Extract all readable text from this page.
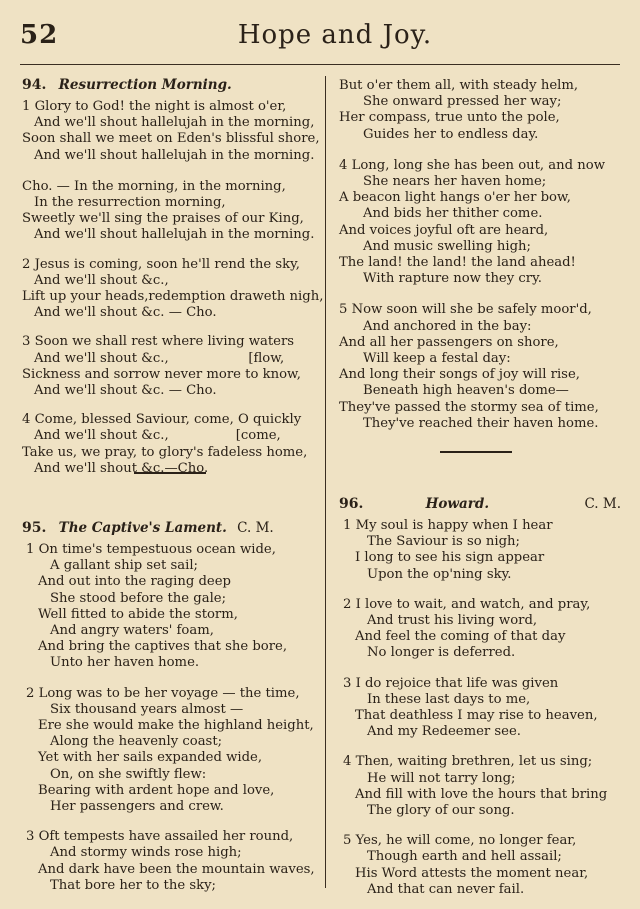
52	Hope and Joy.
94. Resurrection Morning.
1 Glory to God! the night is almost o'er,
And we'll shout hallelujah in the morning,
Soon shall we meet on Eden's blissful shore,
And we'll shout hallelujah in the morning.
Cho. — In the morning, in the morning,
In the resurrection morning,
Sweetly we'll sing the praises of our King,
And we'll shout hallelujah in the morning.
2 Jesus is coming, soon he'll rend the sky,
And we'll shout &c.,
Lift up your heads,redemption draweth nigh,
And we'll shout &c. — Cho.
3 Soon we shall rest where living waters
And we'll shout &c.,                   [flow,
Sickness and sorrow never more to know,
And we'll shout &c. — Cho.
4 Come, blessed Saviour, come, O quickly
And we'll shout &c.,                [come,
Take us, we pray, to glory's fadeless home,
And we'll shout &c.—Cho.
95. The Captive's Lament. C. M.
1 On time's tempestuous ocean wide,
A gallant ship set sail;
And out into the raging deep
She stood before the gale;
Well fitted to abide the storm,
And angry waters' foam,
And bring the captives that she bore,
Unto her haven home.
2 Long was to be her voyage — the time,
Six thousand years almost —
Ere she would make the highland height,
Along the heavenly coast;
Yet with her sails expanded wide,
On, on she swiftly flew:
Bearing with ardent hope and love,
Her passengers and crew.
3 Oft tempests have assailed her round,
And stormy winds rose high;
And dark have been the mountain waves,
That bore her to the sky;
But o'er them all, with steady helm,
She onward pressed her way;
Her compass, true unto the pole,
Guides her to endless day.
4 Long, long she has been out, and now
She nears her haven home;
A beacon light hangs o'er her bow,
And bids her thither come.
And voices joyful oft are heard,
And music swelling high;
The land! the land! the land ahead!
With rapture now they cry.
5 Now soon will she be safely moor'd,
And anchored in the bay:
And all her passengers on shore,
Will keep a festal day:
And long their songs of joy will rise,
Beneath high heaven's dome—
They've passed the stormy sea of time,
They've reached their haven home.
96.	Howard.	C. M.
1 My soul is happy when I hear
The Saviour is so nigh;
I long to see his sign appear
Upon the op'ning sky.
2 I love to wait, and watch, and pray,
And trust his living word,
And feel the coming of that day
No longer is deferred.
3 I do rejoice that life was given
In these last days to me,
That deathless I may rise to heaven,
And my Redeemer see.
4 Then, waiting brethren, let us sing;
He will not tarry long;
And fill with love the hours that bring
The glory of our song.
5 Yes, he will come, no longer fear,
Though earth and hell assail;
His Word attests the moment near,
And that can never fail.
